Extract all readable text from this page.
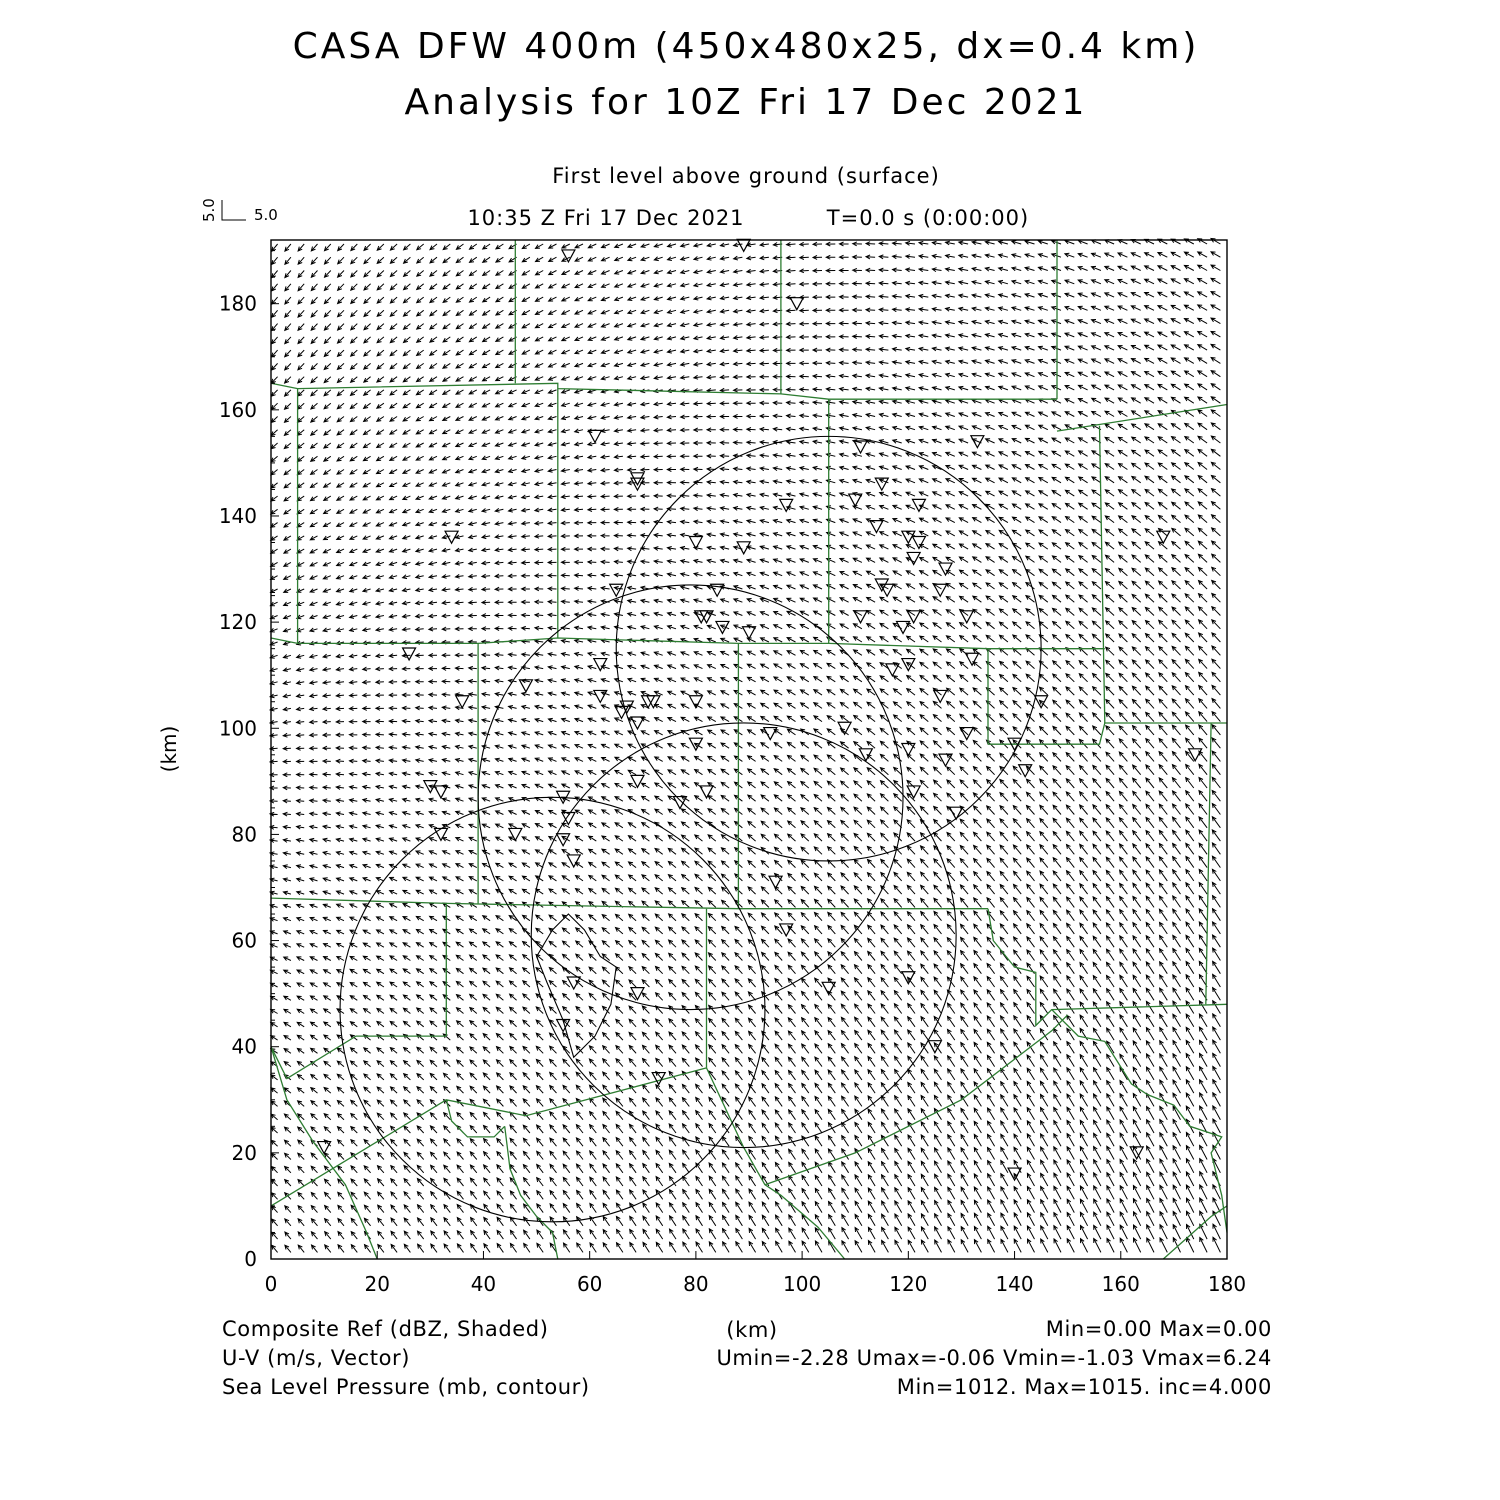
CASA DFW 400m (450x480x25, dx=0.4 km)
Analysis for 10Z Fri 17 Dec 2021
First level above ground (surface)
10:35 Z Fri 17 Dec 2021	T=0.0 s (0:00:00)
5.0
5.0
0	20	40	60	80	100	120	140	160	180
0
20
40
60
80
100
120
140
160
180
(km)
(km)
Composite Ref (dBZ, Shaded)	Min=0.00 Max=0.00
U-V (m/s, Vector)	Umin=-2.28 Umax=-0.06 Vmin=-1.03 Vmax=6.24
Sea Level Pressure (mb, contour)	Min=1012. Max=1015. inc=4.000
